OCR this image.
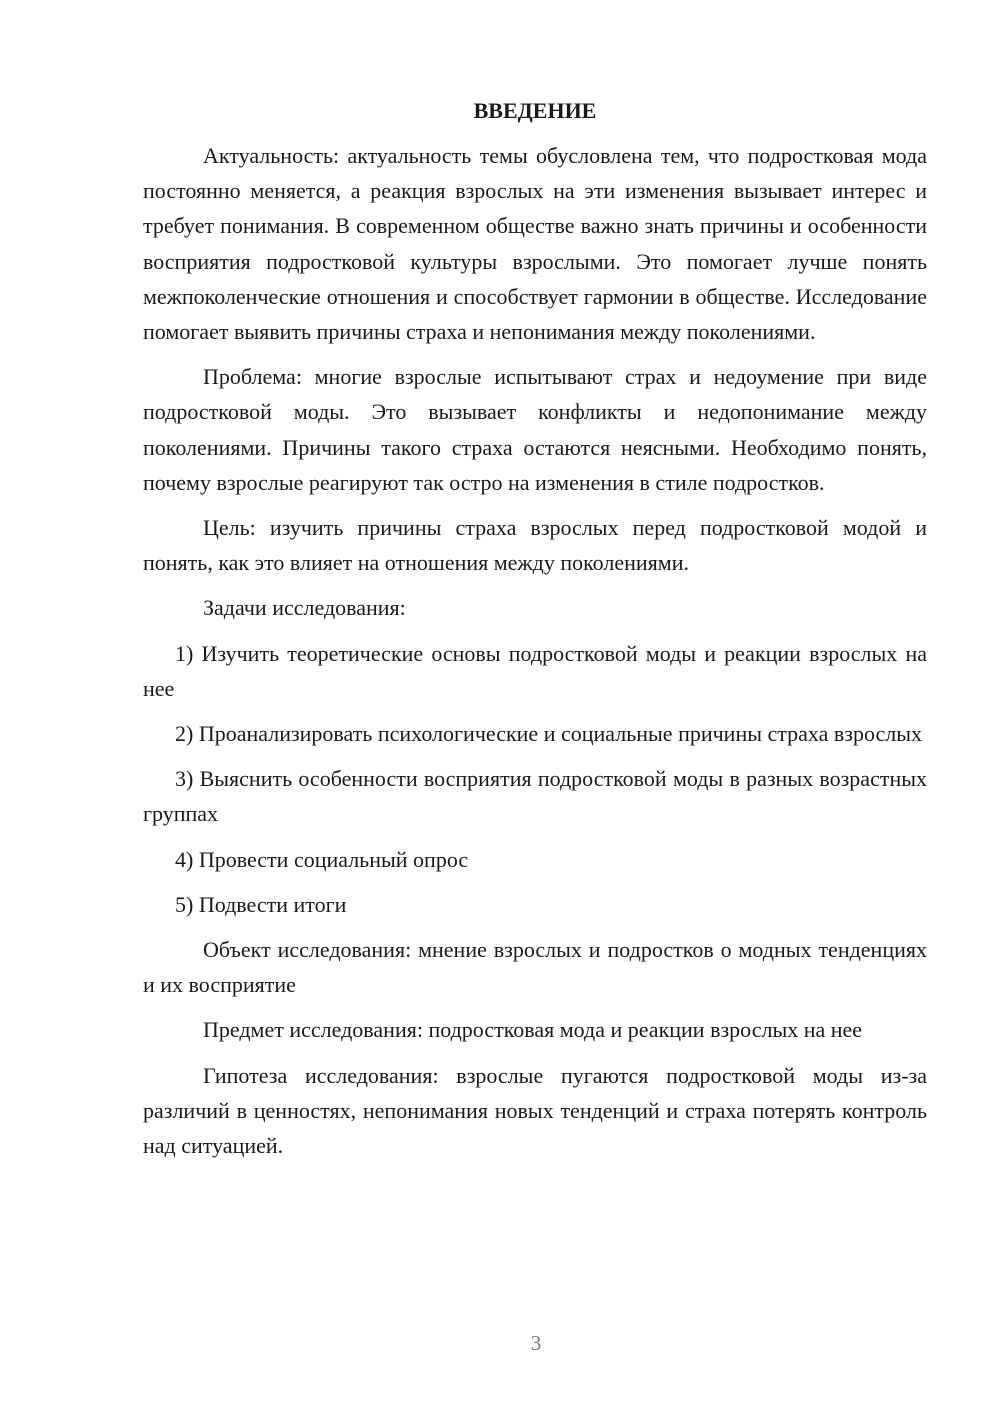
ВВЕДЕНИЕ

Актуальность: актуальность темы обусловлена тем, что подростковая мода постоянно меняется, а реакция взрослых на эти изменения вызывает интерес и требует понимания. В современном обществе важно знать причины и особенности восприятия подростковой культуры взрослыми. Это помогает лучше понять межпоколенческие отношения и способствует гармонии в обществе. Исследование помогает выявить причины страха и непонимания между поколениями.

Проблема: многие взрослые испытывают страх и недоумение при виде подростковой моды. Это вызывает конфликты и недопонимание между поколениями. Причины такого страха остаются неясными. Необходимо понять, почему взрослые реагируют так остро на изменения в стиле подростков.

Цель: изучить причины страха взрослых перед подростковой модой и понять, как это влияет на отношения между поколениями.

Задачи исследования:

1) Изучить теоретические основы подростковой моды и реакции взрослых на нее

2) Проанализировать психологические и социальные причины страха взрослых

3) Выяснить особенности восприятия подростковой моды в разных возрастных группах

4) Провести социальный опрос

5) Подвести итоги

Объект исследования: мнение взрослых и подростков о модных тенденциях и их восприятие

Предмет исследования: подростковая мода и реакции взрослых на нее

Гипотеза исследования: взрослые пугаются подростковой моды из-за различий в ценностях, непонимания новых тенденций и страха потерять контроль над ситуацией.

3
